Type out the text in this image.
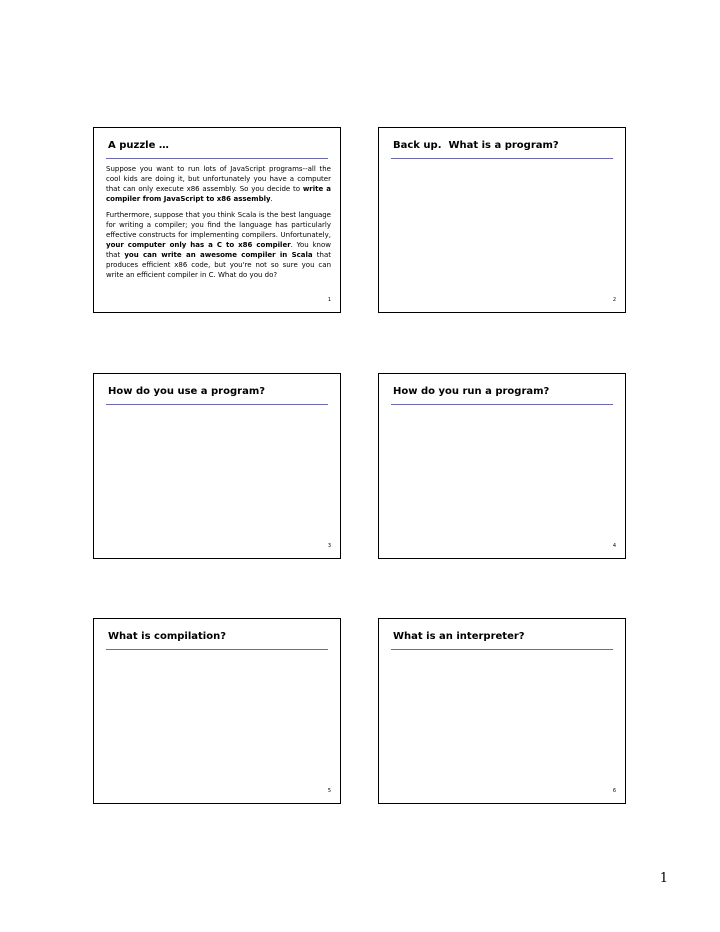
A puzzle …

Suppose you want to run lots of JavaScript programs--all the cool kids are doing it, but unfortunately you have a computer that can only execute x86 assembly. So you decide to write a compiler from JavaScript to x86 assembly.

Furthermore, suppose that you think Scala is the best language for writing a compiler; you find the language has particularly effective constructs for implementing compilers. Unfortunately, your computer only has a C to x86 compiler. You know that you can write an awesome compiler in Scala that produces efficient x86 code, but you're not so sure you can write an efficient compiler in C. What do you do?

1
Back up.  What is a program?
2
How do you use a program?
3
How do you run a program?
4
What is compilation?
5
What is an interpreter?
6
1
